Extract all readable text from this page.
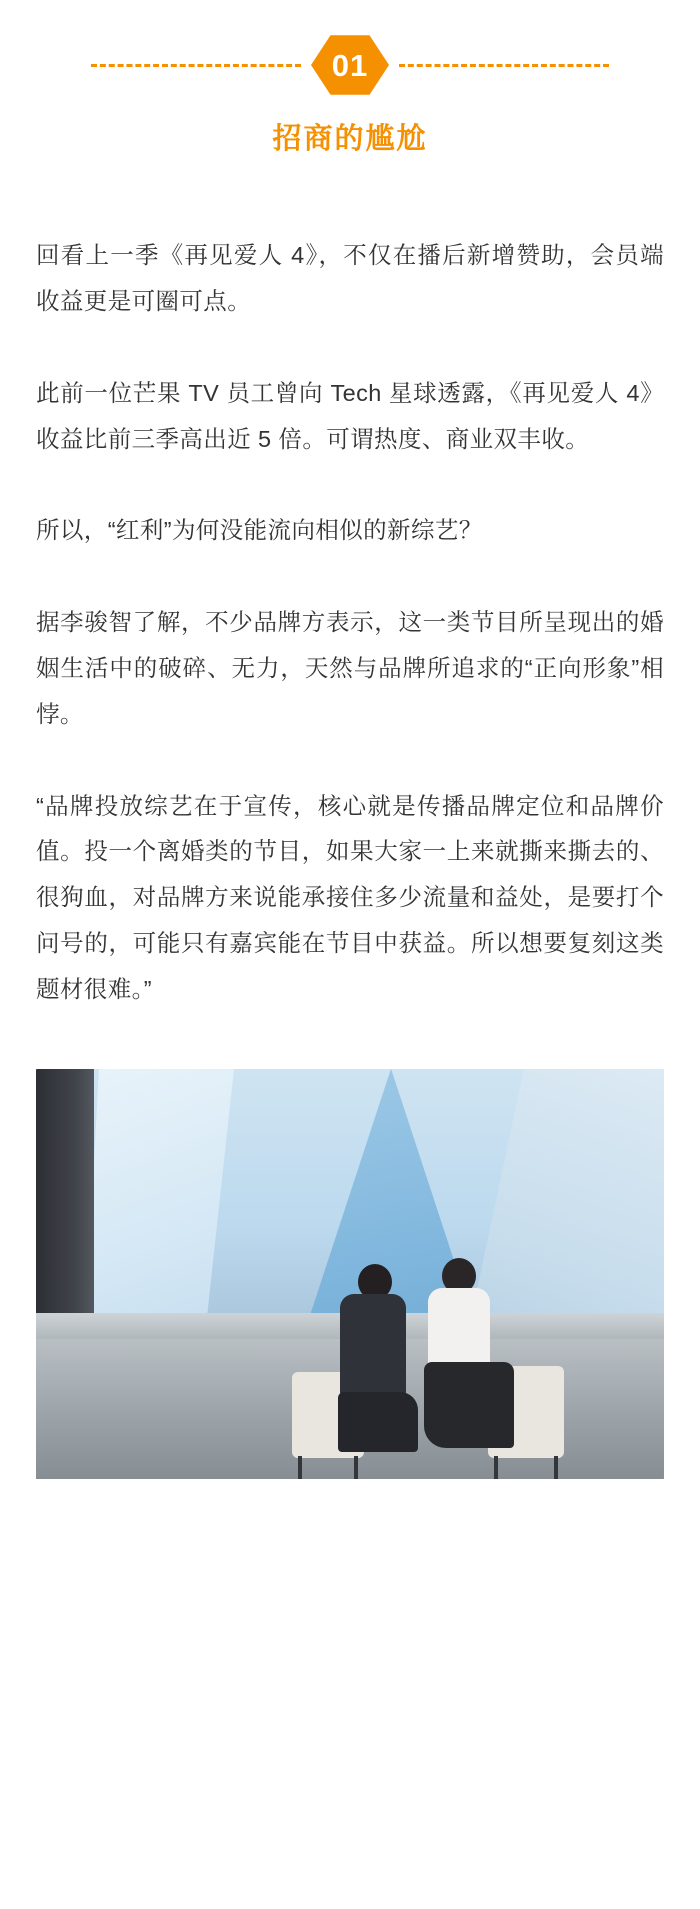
01
招商的尴尬

回看上一季《再见爱人 4》，不仅在播后新增赞助，会员端收益更是可圈可点。

此前一位芒果 TV 员工曾向 Tech 星球透露，《再见爱人 4》收益比前三季高出近 5 倍。可谓热度、商业双丰收。

所以，“红利”为何没能流向相似的新综艺？

据李骏智了解，不少品牌方表示，这一类节目所呈现出的婚姻生活中的破碎、无力，天然与品牌所追求的“正向形象”相悖。

“品牌投放综艺在于宣传，核心就是传播品牌定位和品牌价值。投一个离婚类的节目，如果大家一上来就撕来撕去的、很狗血，对品牌方来说能承接住多少流量和益处，是要打个问号的，可能只有嘉宾能在节目中获益。所以想要复刻这类题材很难。”
